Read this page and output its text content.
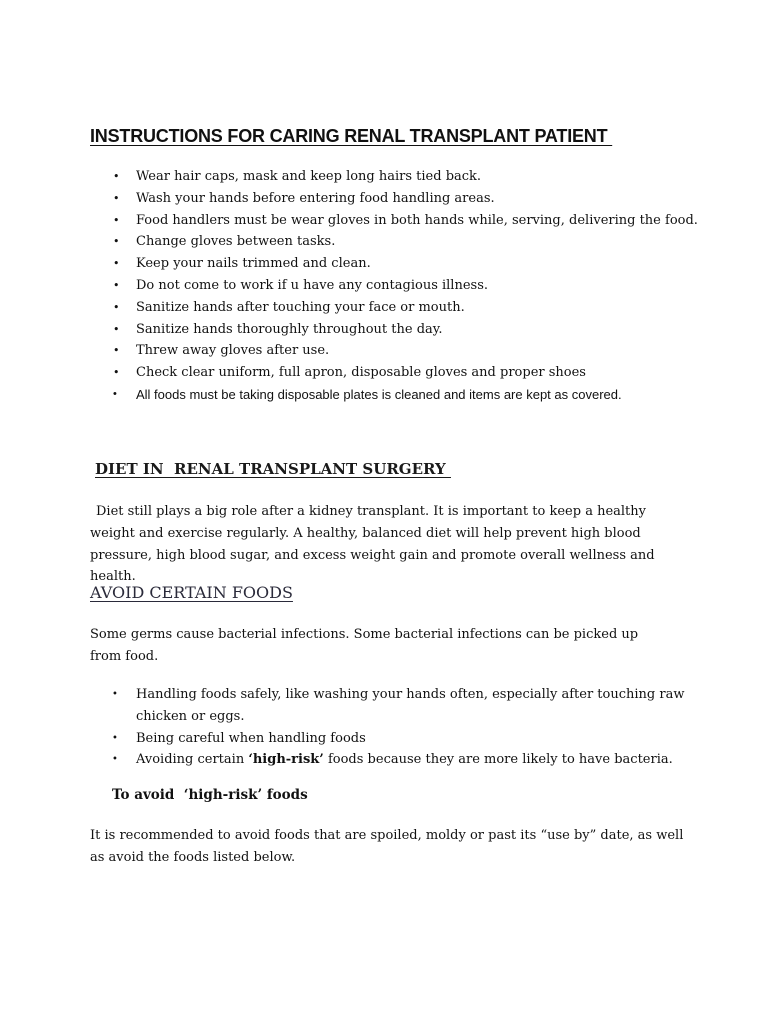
INSTRUCTIONS FOR CARING RENAL TRANSPLANT PATIENT
• Wear hair caps, mask and keep long hairs tied back.
• Wash your hands before entering food handling areas.
• Food handlers must be wear gloves in both hands while, serving, delivering the food.
• Change gloves between tasks.
• Keep your nails trimmed and clean.
• Do not come to work if u have any contagious illness.
• Sanitize hands after touching your face or mouth.
• Sanitize hands thoroughly throughout the day.
• Threw away gloves after use.
• Check clear uniform, full apron, disposable gloves and proper shoes
• All foods must be taking disposable plates is cleaned and items are kept as covered.
DIET IN  RENAL TRANSPLANT SURGERY

Diet still plays a big role after a kidney transplant. It is important to keep a healthy weight and exercise regularly. A healthy, balanced diet will help prevent high blood pressure, high blood sugar, and excess weight gain and promote overall wellness and health.

AVOID CERTAIN FOODS

Some germs cause bacterial infections. Some bacterial infections can be picked up from food.

• Handling foods safely, like washing your hands often, especially after touching raw chicken or eggs.
• Being careful when handling foods
• Avoiding certain ‘high-risk’ foods because they are more likely to have bacteria.
To avoid  ‘high-risk’ foods

It is recommended to avoid foods that are spoiled, moldy or past its “use by” date, as well as avoid the foods listed below.
